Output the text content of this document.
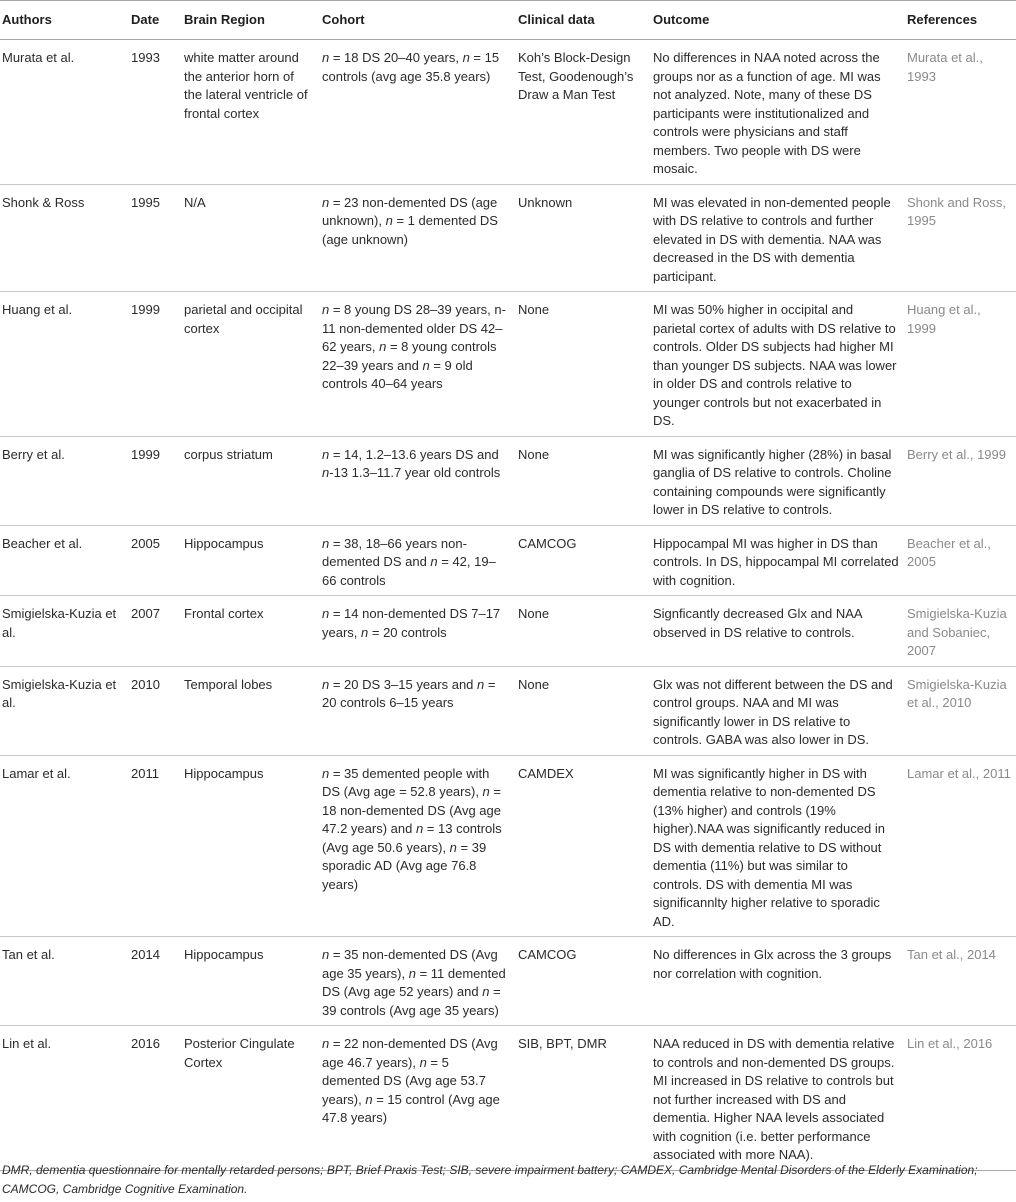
Authors	Date	Brain Region	Cohort	Clinical data	Outcome	References
Murata et al.	1993	white matter around the anterior horn of the lateral ventricle of frontal cortex	n = 18 DS 20–40 years, n = 15 controls (avg age 35.8 years)	Koh’s Block-Design Test, Goodenough’s Draw a Man Test	No differences in NAA noted across the groups nor as a function of age. MI was not analyzed. Note, many of these DS participants were institutionalized and controls were physicians and staff members. Two people with DS were mosaic.	Murata et al., 1993
Shonk & Ross	1995	N/A	n = 23 non-demented DS (age unknown), n = 1 demented DS (age unknown)	Unknown	MI was elevated in non-demented people with DS relative to controls and further elevated in DS with dementia. NAA was decreased in the DS with dementia participant.	Shonk and Ross, 1995
Huang et al.	1999	parietal and occipital cortex	n = 8 young DS 28–39 years, n-11 non-demented older DS 42–62 years, n = 8 young controls 22–39 years and n = 9 old controls 40–64 years	None	MI was 50% higher in occipital and parietal cortex of adults with DS relative to controls. Older DS subjects had higher MI than younger DS subjects. NAA was lower in older DS and controls relative to younger controls but not exacerbated in DS.	Huang et al., 1999
Berry et al.	1999	corpus striatum	n = 14, 1.2–13.6 years DS and n-13 1.3–11.7 year old controls	None	MI was significantly higher (28%) in basal ganglia of DS relative to controls. Choline containing compounds were significantly lower in DS relative to controls.	Berry et al., 1999
Beacher et al.	2005	Hippocampus	n = 38, 18–66 years non-demented DS and n = 42, 19–66 controls	CAMCOG	Hippocampal MI was higher in DS than controls. In DS, hippocampal MI correlated with cognition.	Beacher et al., 2005
Smigielska-Kuzia et al.	2007	Frontal cortex	n = 14 non-demented DS 7–17 years, n = 20 controls	None	Signficantly decreased Glx and NAA observed in DS relative to controls.	Smigielska-Kuzia and Sobaniec, 2007
Smigielska-Kuzia et al.	2010	Temporal lobes	n = 20 DS 3–15 years and n = 20 controls 6–15 years	None	Glx was not different between the DS and control groups. NAA and MI was significantly lower in DS relative to controls. GABA was also lower in DS.	Smigielska-Kuzia et al., 2010
Lamar et al.	2011	Hippocampus	n = 35 demented people with DS (Avg age = 52.8 years), n = 18 non-demented DS (Avg age 47.2 years) and n = 13 controls (Avg age 50.6 years), n = 39 sporadic AD (Avg age 76.8 years)	CAMDEX	MI was significantly higher in DS with dementia relative to non-demented DS (13% higher) and controls (19% higher).NAA was significantly reduced in DS with dementia relative to DS without dementia (11%) but was similar to controls. DS with dementia MI was significannlty higher relative to sporadic AD.	Lamar et al., 2011
Tan et al.	2014	Hippocampus	n = 35 non-demented DS (Avg age 35 years), n = 11 demented DS (Avg age 52 years) and n = 39 controls (Avg age 35 years)	CAMCOG	No differences in Glx across the 3 groups nor correlation with cognition.	Tan et al., 2014
Lin et al.	2016	Posterior Cingulate Cortex	n = 22 non-demented DS (Avg age 46.7 years), n = 5 demented DS (Avg age 53.7 years), n = 15 control (Avg age 47.8 years)	SIB, BPT, DMR	NAA reduced in DS with dementia relative to controls and non-demented DS groups. MI increased in DS relative to controls but not further increased with DS and dementia. Higher NAA levels associated with cognition (i.e. better performance associated with more NAA).	Lin et al., 2016
DMR, dementia questionnaire for mentally retarded persons; BPT, Brief Praxis Test; SIB, severe impairment battery; CAMDEX, Cambridge Mental Disorders of the Elderly Examination; CAMCOG, Cambridge Cognitive Examination.
